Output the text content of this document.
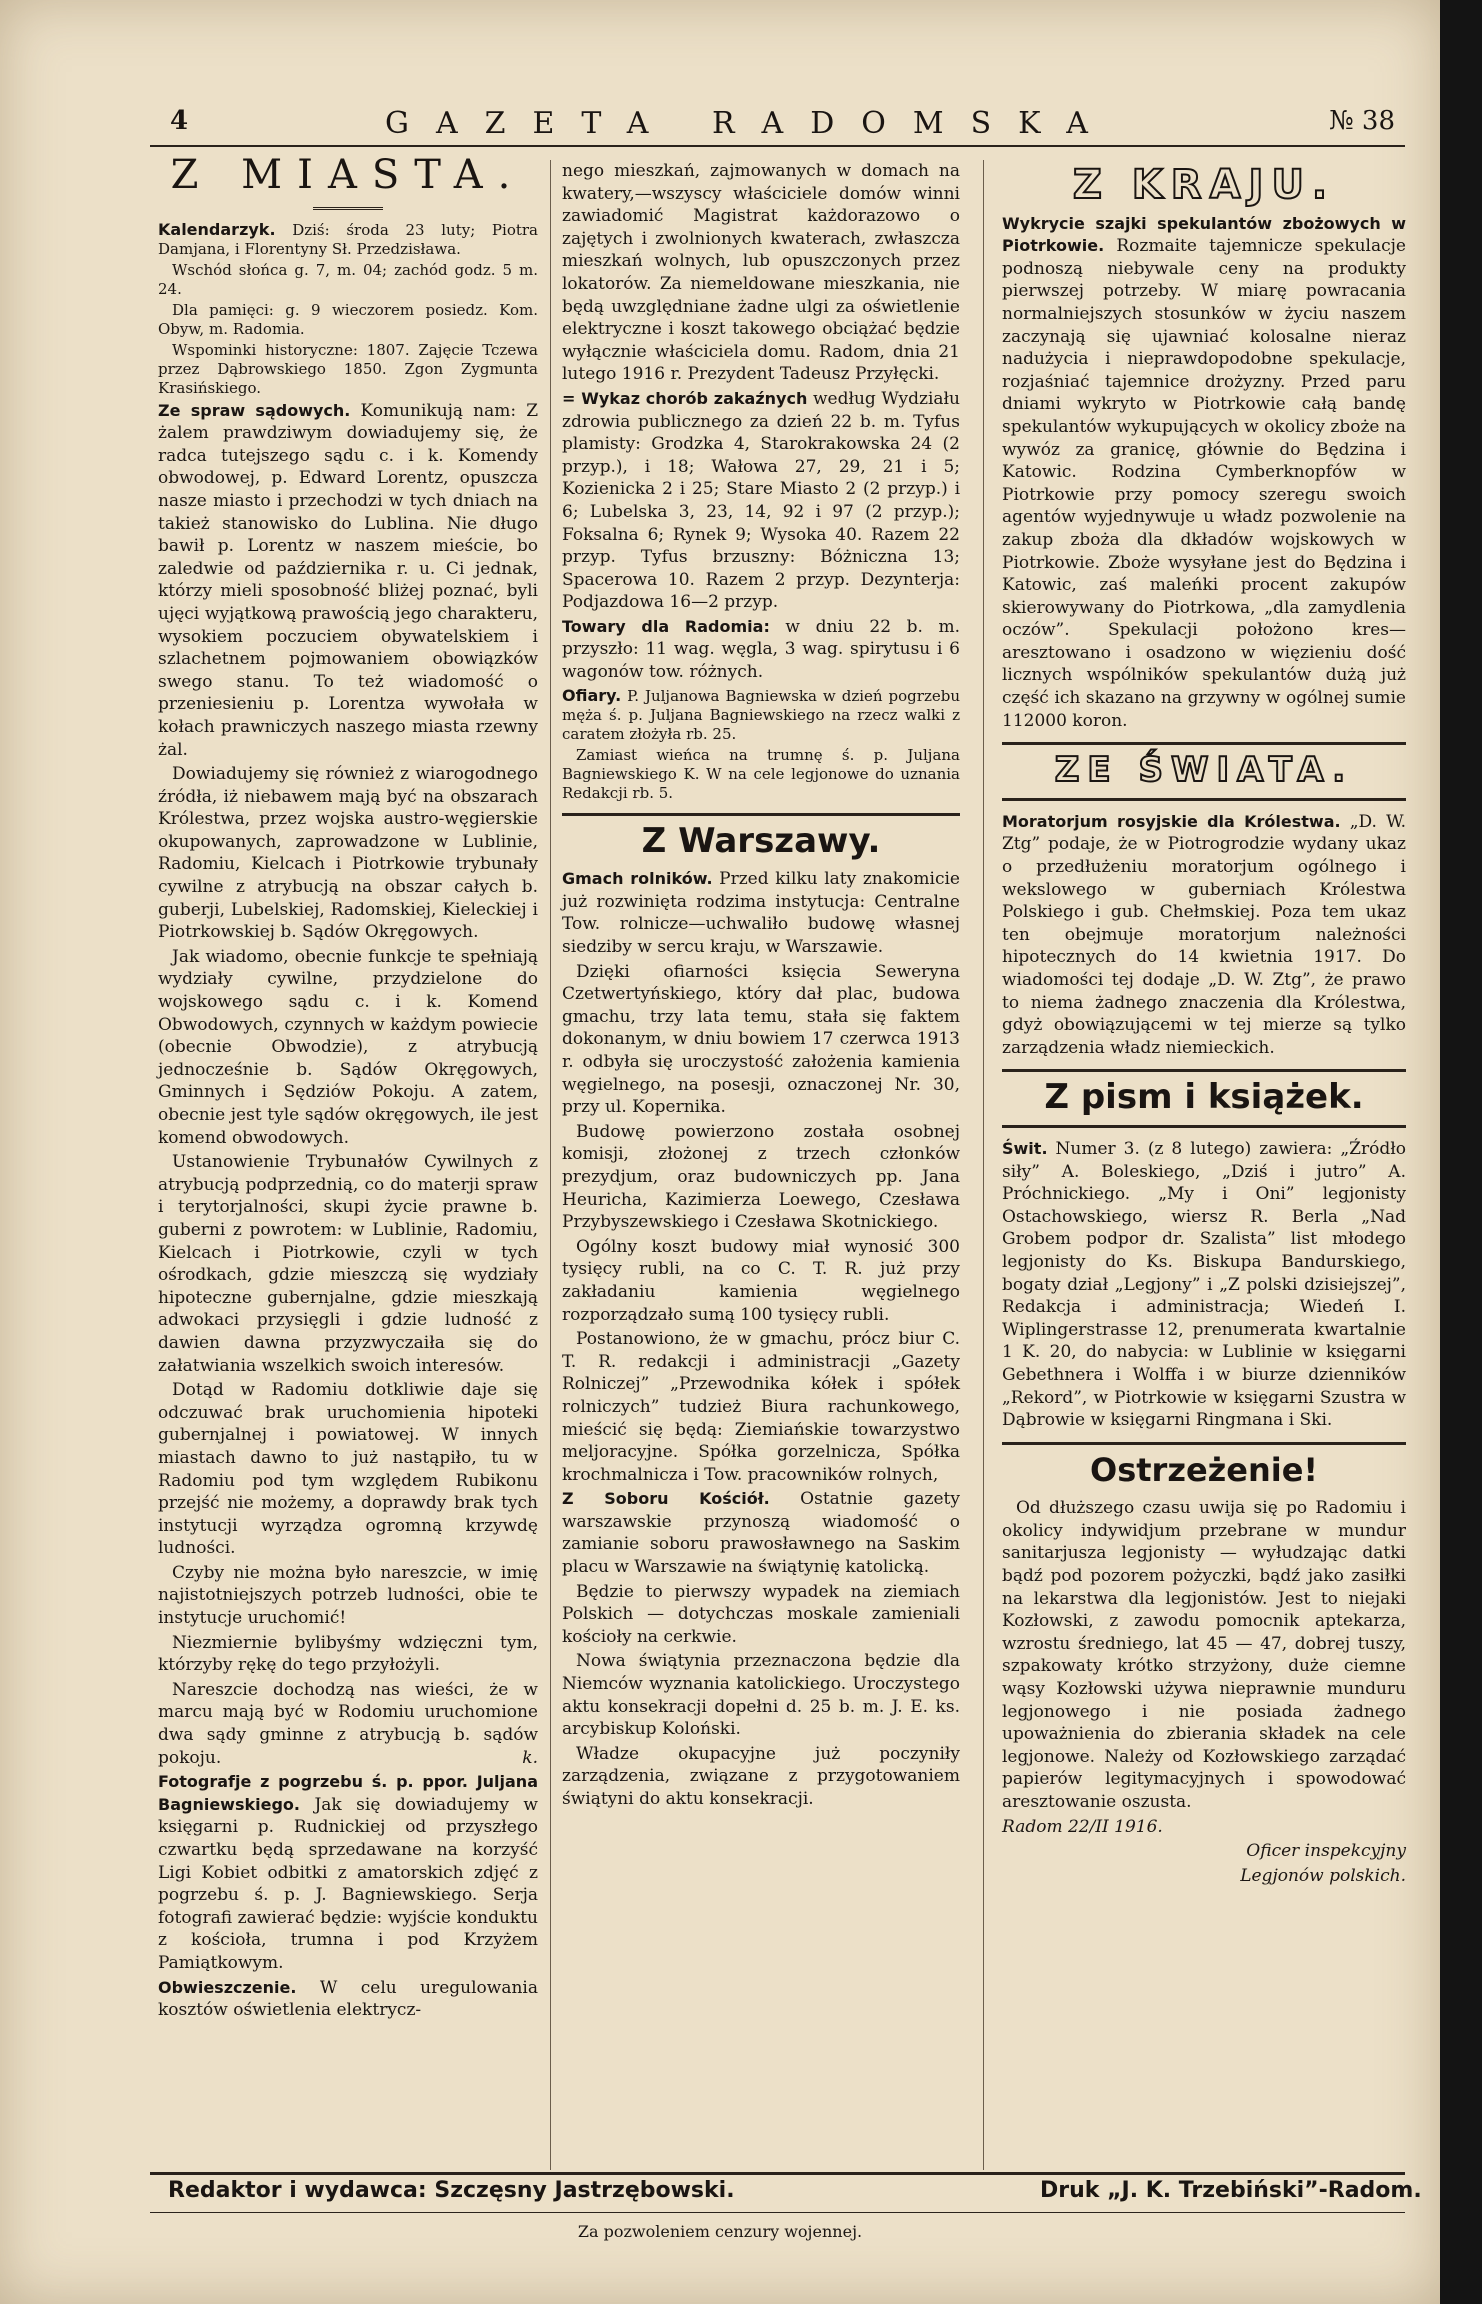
4	GAZETA RADOMSKA	№ 38
Z MIASTA.

Kalendarzyk. Dziś: środa 23 luty; Piotra Damjana, i Florentyny Sł. Przedzisława.

Wschód słońca g. 7, m. 04; zachód godz. 5 m. 24.

Dla pamięci: g. 9 wieczorem posiedz. Kom. Obyw, m. Radomia.

Wspominki historyczne: 1807. Zajęcie Tczewa przez Dąbrowskiego 1850. Zgon Zygmunta Krasińskiego.

Ze spraw sądowych. Komunikują nam: Z żalem prawdziwym dowiadujemy się, że radca tutejszego sądu c. i k. Komendy obwodowej, p. Edward Lorentz, opuszcza nasze miasto i przechodzi w tych dniach na takież stanowisko do Lublina. Nie długo bawił p. Lorentz w naszem mieście, bo zaledwie od października r. u. Ci jednak, którzy mieli sposobność bliżej poznać, byli ujęci wyjątkową prawością jego charakteru, wysokiem poczuciem obywatelskiem i szlachetnem pojmowaniem obowiązków swego stanu. To też wiadomość o przeniesieniu p. Lorentza wywołała w kołach prawniczych naszego miasta rzewny żal.

Dowiadujemy się również z wiarogodnego źródła, iż niebawem mają być na obszarach Królestwa, przez wojska austro-węgierskie okupowanych, zaprowadzone w Lublinie, Radomiu, Kielcach i Piotrkowie trybunały cywilne z atrybucją na obszar całych b. guberji, Lubelskiej, Radomskiej, Kieleckiej i Piotrkowskiej b. Sądów Okręgowych.

Jak wiadomo, obecnie funkcje te spełniają wydziały cywilne, przydzielone do wojskowego sądu c. i k. Komend Obwodowych, czynnych w każdym powiecie (obecnie Obwodzie), z atrybucją jednocześnie b. Sądów Okręgowych, Gminnych i Sędziów Pokoju. A zatem, obecnie jest tyle sądów okręgowych, ile jest komend obwodowych.

Ustanowienie Trybunałów Cywilnych z atrybucją podprzednią, co do materji spraw i terytorjalności, skupi życie prawne b. guberni z powrotem: w Lublinie, Radomiu, Kielcach i Piotrkowie, czyli w tych ośrodkach, gdzie mieszczą się wydziały hipoteczne gubernjalne, gdzie mieszkają adwokaci przysięgli i gdzie ludność z dawien dawna przyzwyczaiła się do załatwiania wszelkich swoich interesów.

Dotąd w Radomiu dotkliwie daje się odczuwać brak uruchomienia hipoteki gubernjalnej i powiatowej. W innych miastach dawno to już nastąpiło, tu w Radomiu pod tym względem Rubikonu przejść nie możemy, a doprawdy brak tych instytucji wyrządza ogromną krzywdę ludności.

Czyby nie można było nareszcie, w imię najistotniejszych potrzeb ludności, obie te instytucje uruchomić!

Niezmiernie bylibyśmy wdzięczni tym, którzyby rękę do tego przyłożyli.

Nareszcie dochodzą nas wieści, że w marcu mają być w Rodomiu uruchomione dwa sądy gminne z atrybucją b. sądów pokoju.	k.

Fotografje z pogrzebu ś. p. ppor. Juljana Bagniewskiego. Jak się dowiadujemy w księgarni p. Rudnickiej od przyszłego czwartku będą sprzedawane na korzyść Ligi Kobiet odbitki z amatorskich zdjęć z pogrzebu ś. p. J. Bagniewskiego. Serja fotografi zawierać będzie: wyjście konduktu z kościoła, trumna i pod Krzyżem Pamiątkowym.

Obwieszczenie. W celu uregulowania kosztów oświetlenia elektrycz-

nego mieszkań, zajmowanych w domach na kwatery,—wszyscy właściciele domów winni zawiadomić Magistrat każdorazowo o zajętych i zwolnionych kwaterach, zwłaszcza mieszkań wolnych, lub opuszczonych przez lokatorów. Za niemeldowane mieszkania, nie będą uwzględniane żadne ulgi za oświetlenie elektryczne i koszt takowego obciążać będzie wyłącznie właściciela domu. Radom, dnia 21 lutego 1916 r. Prezydent Tadeusz Przyłęcki.

= Wykaz chorób zakaźnych według Wydziału zdrowia publicznego za dzień 22 b. m. Tyfus plamisty: Grodzka 4, Starokrakowska 24 (2 przyp.), i 18; Wałowa 27, 29, 21 i 5; Kozienicka 2 i 25; Stare Miasto 2 (2 przyp.) i 6; Lubelska 3, 23, 14, 92 i 97 (2 przyp.); Foksalna 6; Rynek 9; Wysoka 40. Razem 22 przyp. Tyfus brzuszny: Bóżniczna 13; Spacerowa 10. Razem 2 przyp. Dezynterja: Podjazdowa 16—2 przyp.

Towary dla Radomia: w dniu 22 b. m. przyszło: 11 wag. węgla, 3 wag. spirytusu i 6 wagonów tow. różnych.

Ofiary. P. Juljanowa Bagniewska w dzień pogrzebu męża ś. p. Juljana Bagniewskiego na rzecz walki z caratem złożyła rb. 25.

Zamiast wieńca na trumnę ś. p. Juljana Bagniewskiego K. W na cele legjonowe do uznania Redakcji rb. 5.

Z Warszawy.

Gmach rolników. Przed kilku laty znakomicie już rozwinięta rodzima instytucja: Centralne Tow. rolnicze—uchwaliło budowę własnej siedziby w sercu kraju, w Warszawie.

Dzięki ofiarności księcia Seweryna Czetwertyńskiego, który dał plac, budowa gmachu, trzy lata temu, stała się faktem dokonanym, w dniu bowiem 17 czerwca 1913 r. odbyła się uroczystość założenia kamienia węgielnego, na posesji, oznaczonej Nr. 30, przy ul. Kopernika.

Budowę powierzono została osobnej komisji, złożonej z trzech członków prezydjum, oraz budowniczych pp. Jana Heuricha, Kazimierza Loewego, Czesława Przybyszewskiego i Czesława Skotnickiego.

Ogólny koszt budowy miał wynosić 300 tysięcy rubli, na co C. T. R. już przy zakładaniu kamienia węgielnego rozporządzało sumą 100 tysięcy rubli.

Postanowiono, że w gmachu, prócz biur C. T. R. redakcji i administracji „Gazety Rolniczej” „Przewodnika kółek i spółek rolniczych” tudzież Biura rachunkowego, mieścić się będą: Ziemiańskie towarzystwo meljoracyjne. Spółka gorzelnicza, Spółka krochmalnicza i Tow. pracowników rolnych,

Z Soboru Kościół. Ostatnie gazety warszawskie przynoszą wiadomość o zamianie soboru prawosławnego na Saskim placu w Warszawie na świątynię katolicką.

Będzie to pierwszy wypadek na ziemiach Polskich — dotychczas moskale zamieniali kościoły na cerkwie.

Nowa świątynia przeznaczona będzie dla Niemców wyznania katolickiego. Uroczystego aktu konsekracji dopełni d. 25 b. m. J. E. ks. arcybiskup Koloński.

Władze okupacyjne już poczyniły zarządzenia, związane z przygotowaniem świątyni do aktu konsekracji.

Z KRAJU.

Wykrycie szajki spekulantów zbożowych w Piotrkowie. Rozmaite tajemnicze spekulacje podnoszą niebywale ceny na produkty pierwszej potrzeby. W miarę powracania normalniejszych stosunków w życiu naszem zaczynają się ujawniać kolosalne nieraz nadużycia i nieprawdopodobne spekulacje, rozjaśniać tajemnice drożyzny. Przed paru dniami wykryto w Piotrkowie całą bandę spekulantów wykupujących w okolicy zboże na wywóz za granicę, głównie do Będzina i Katowic. Rodzina Cymberknopfów w Piotrkowie przy pomocy szeregu swoich agentów wyjednywuje u władz pozwolenie na zakup zboża dla dkładów wojskowych w Piotrkowie. Zboże wysyłane jest do Będzina i Katowic, zaś maleńki procent zakupów skierowywany do Piotrkowa, „dla zamydlenia oczów”. Spekulacji położono kres—aresztowano i osadzono w więzieniu dość licznych wspólników spekulantów dużą już część ich skazano na grzywny w ogólnej sumie 112000 koron.

ZE ŚWIATA.

Moratorjum rosyjskie dla Królestwa. „D. W. Ztg” podaje, że w Piotrogrodzie wydany ukaz o przedłużeniu moratorjum ogólnego i wekslowego w guberniach Królestwa Polskiego i gub. Chełmskiej. Poza tem ukaz ten obejmuje moratorjum należności hipotecznych do 14 kwietnia 1917. Do wiadomości tej dodaje „D. W. Ztg”, że prawo to niema żadnego znaczenia dla Królestwa, gdyż obowiązującemi w tej mierze są tylko zarządzenia władz niemieckich.

Z pism i książek.

Świt. Numer 3. (z 8 lutego) zawiera: „Źródło siły” A. Boleskiego, „Dziś i jutro” A. Próchnickiego. „My i Oni” legjonisty Ostachowskiego, wiersz R. Berla „Nad Grobem podpor dr. Szalista” list młodego legjonisty do Ks. Biskupa Bandurskiego, bogaty dział „Legjony” i „Z polski dzisiejszej”, Redakcja i administracja; Wiedeń I. Wiplingerstrasse 12, prenumerata kwartalnie 1 K. 20, do nabycia: w Lublinie w księgarni Gebethnera i Wolffa i w biurze dzienników „Rekord”, w Piotrkowie w księgarni Szustra w Dąbrowie w księgarni Ringmana i Ski.

Ostrzeżenie!

Od dłuższego czasu uwija się po Radomiu i okolicy indywidjum przebrane w mundur sanitarjusza legjonisty — wyłudzając datki bądź pod pozorem pożyczki, bądź jako zasiłki na lekarstwa dla legjonistów. Jest to niejaki Kozłowski, z zawodu pomocnik aptekarza, wzrostu średniego, lat 45 — 47, dobrej tuszy, szpakowaty krótko strzyżony, duże ciemne wąsy Kozłowski używa nieprawnie munduru legjonowego i nie posiada żadnego upoważnienia do zbierania składek na cele legjonowe. Należy od Kozłowskiego zarządać papierów legitymacyjnych i spowodować aresztowanie oszusta.

Radom 22/II 1916.

Oficer inspekcyjny

Legjonów polskich.

Redaktor i wydawca: Szczęsny Jastrzębowski.	Druk „J. K. Trzebiński”-Radom.
Za pozwoleniem cenzury wojennej.
